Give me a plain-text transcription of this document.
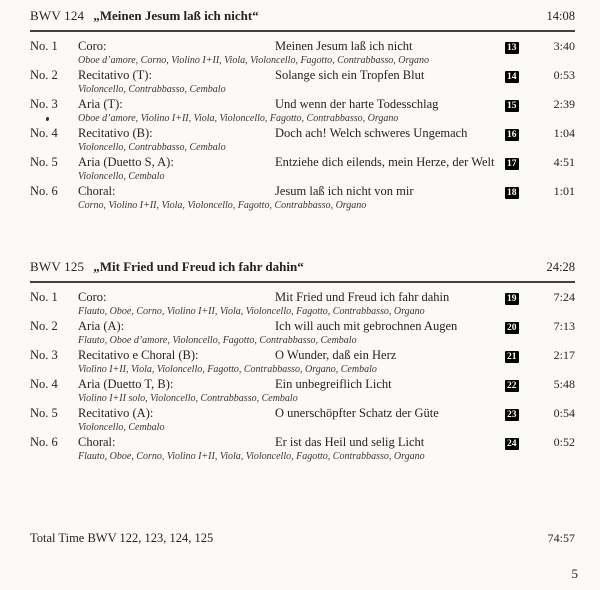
BWV 124 „Meinen Jesum laß ich nicht“	14:08
No. 1	Coro:	Meinen Jesum laß ich nicht	13	3:40
Oboe d’amore, Corno, Violino I+II, Viola, Violoncello, Fagotto, Contrabbasso, Organo
No. 2	Recitativo (T):	Solange sich ein Tropfen Blut	14	0:53
Violoncello, Contrabbasso, Cembalo
No. 3	Aria (T):	Und wenn der harte Todesschlag	15	2:39
Oboe d’amore, Violino I+II, Viola, Violoncello, Fagotto, Contrabbasso, Organo
No. 4	Recitativo (B):	Doch ach! Welch schweres Ungemach	16	1:04
Violoncello, Contrabbasso, Cembalo
No. 5	Aria (Duetto S, A):	Entziehe dich eilends, mein Herze, der Welt	17	4:51
Violoncello, Cembalo
No. 6	Choral:	Jesum laß ich nicht von mir	18	1:01
Corno, Violino I+II, Viola, Violoncello, Fagotto, Contrabbasso, Organo
BWV 125 „Mit Fried und Freud ich fahr dahin“	24:28
No. 1	Coro:	Mit Fried und Freud ich fahr dahin	19	7:24
Flauto, Oboe, Corno, Violino I+II, Viola, Violoncello, Fagotto, Contrabbasso, Organo
No. 2	Aria (A):	Ich will auch mit gebrochnen Augen	20	7:13
Flauto, Oboe d’amore, Violoncello, Fagotto, Contrabbasso, Cembalo
No. 3	Recitativo e Choral (B):	O Wunder, daß ein Herz	21	2:17
Violino I+II, Viola, Violoncello, Fagotto, Contrabbasso, Organo, Cembalo
No. 4	Aria (Duetto T, B):	Ein unbegreiflich Licht	22	5:48
Violino I+II solo, Violoncello, Contrabbasso, Cembalo
No. 5	Recitativo (A):	O unerschöpfter Schatz der Güte	23	0:54
Violoncello, Cembalo
No. 6	Choral:	Er ist das Heil und selig Licht	24	0:52
Flauto, Oboe, Corno, Violino I+II, Viola, Violoncello, Fagotto, Contrabbasso, Organo
Total Time BWV 122, 123, 124, 125	74:57
5
